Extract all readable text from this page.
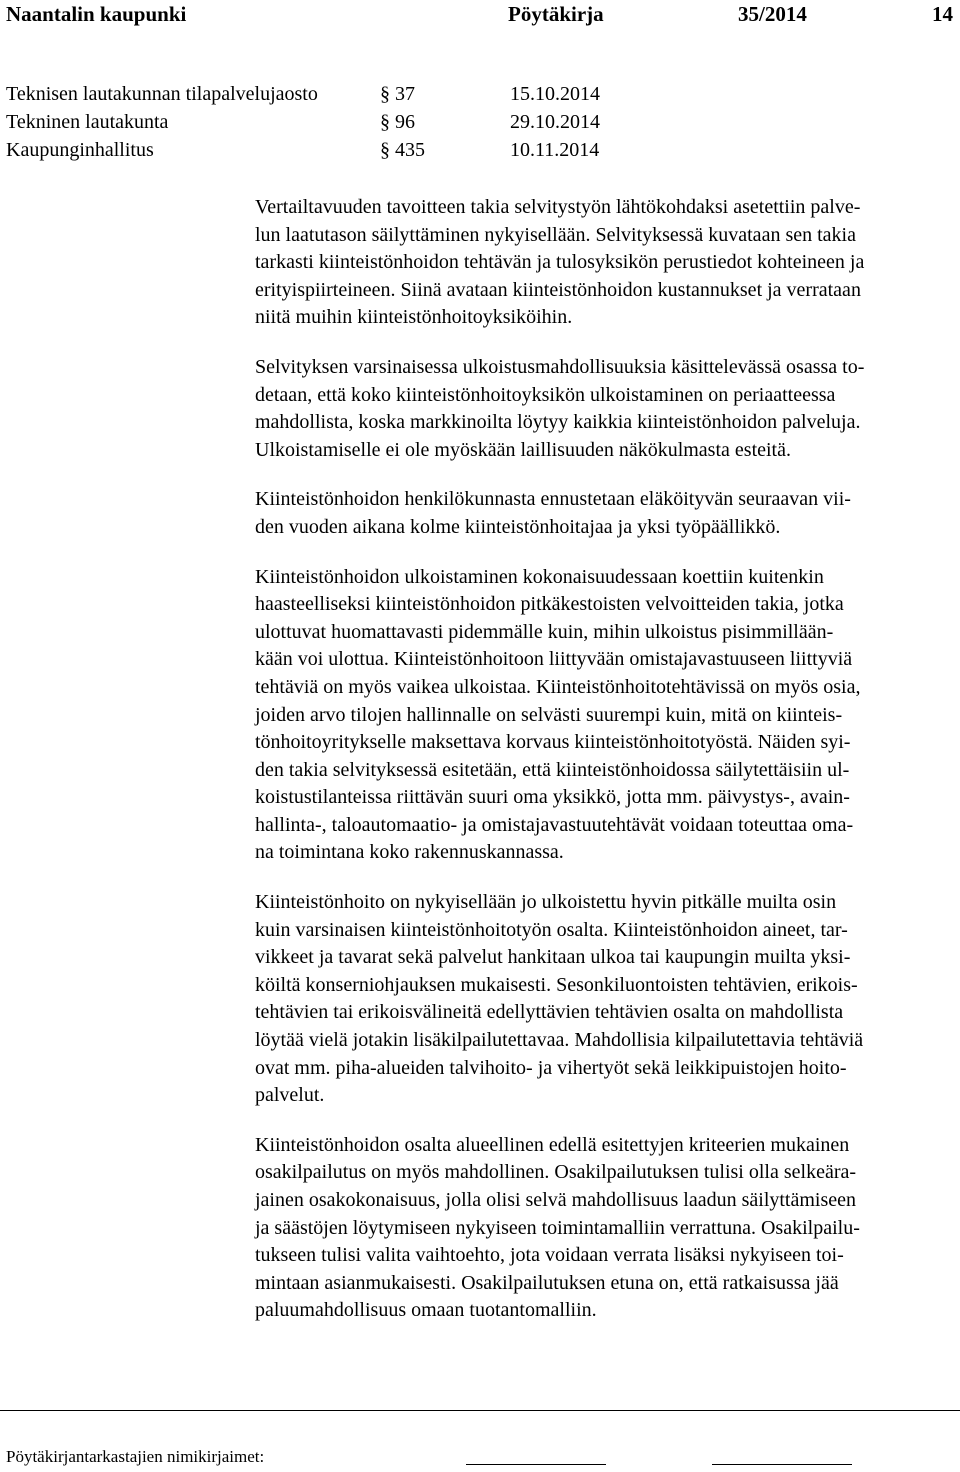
Naantalin kaupunki	Pöytäkirja	35/2014	14
Teknisen lautakunnan tilapalvelujaosto	§ 37	15.10.2014
Tekninen lautakunta	§ 96	29.10.2014
Kaupunginhallitus	§ 435	10.11.2014

Vertailtavuuden tavoitteen takia selvitystyön lähtökohdaksi asetettiin palve-
lun laatutason säilyttäminen nykyisellään. Selvityksessä kuvataan sen takia
tarkasti kiinteistönhoidon tehtävän ja tulosyksikön perustiedot kohteineen ja
erityispiirteineen. Siinä avataan kiinteistönhoidon kustannukset ja verrataan
niitä muihin kiinteistönhoitoyksiköihin.

Selvityksen varsinaisessa ulkoistusmahdollisuuksia käsittelevässä osassa to-
detaan, että koko kiinteistönhoitoyksikön ulkoistaminen on periaatteessa
mahdollista, koska markkinoilta löytyy kaikkia kiinteistönhoidon palveluja.
Ulkoistamiselle ei ole myöskään laillisuuden näkökulmasta esteitä.

Kiinteistönhoidon henkilökunnasta ennustetaan eläköityvän seuraavan vii-
den vuoden aikana kolme kiinteistönhoitajaa ja yksi työpäällikkö.

Kiinteistönhoidon ulkoistaminen kokonaisuudessaan koettiin kuitenkin
haasteelliseksi kiinteistönhoidon pitkäkestoisten velvoitteiden takia, jotka
ulottuvat huomattavasti pidemmälle kuin, mihin ulkoistus pisimmillään-
kään voi ulottua. Kiinteistönhoitoon liittyvään omistajavastuuseen liittyviä
tehtäviä on myös vaikea ulkoistaa. Kiinteistönhoitotehtävissä on myös osia,
joiden arvo tilojen hallinnalle on selvästi suurempi kuin, mitä on kiinteis-
tönhoitoyritykselle maksettava korvaus kiinteistönhoitotyöstä. Näiden syi-
den takia selvityksessä esitetään, että kiinteistönhoidossa säilytettäisiin ul-
koistustilanteissa riittävän suuri oma yksikkö, jotta mm. päivystys-, avain-
hallinta-, taloautomaatio- ja omistajavastuutehtävät voidaan toteuttaa oma-
na toimintana koko rakennuskannassa.

Kiinteistönhoito on nykyisellään jo ulkoistettu hyvin pitkälle muilta osin
kuin varsinaisen kiinteistönhoitotyön osalta. Kiinteistönhoidon aineet, tar-
vikkeet ja tavarat sekä palvelut hankitaan ulkoa tai kaupungin muilta yksi-
köiltä konserniohjauksen mukaisesti. Sesonkiluontoisten tehtävien, erikois-
tehtävien tai erikoisvälineitä edellyttävien tehtävien osalta on mahdollista
löytää vielä jotakin lisäkilpailutettavaa. Mahdollisia kilpailutettavia tehtäviä
ovat mm. piha-alueiden talvihoito- ja vihertyöt sekä leikkipuistojen hoito-
palvelut.

Kiinteistönhoidon osalta alueellinen edellä esitettyjen kriteerien mukainen
osakilpailutus on myös mahdollinen. Osakilpailutuksen tulisi olla selkeära-
jainen osakokonaisuus, jolla olisi selvä mahdollisuus laadun säilyttämiseen
ja säästöjen löytymiseen nykyiseen toimintamalliin verrattuna. Osakilpailu-
tukseen tulisi valita vaihtoehto, jota voidaan verrata lisäksi nykyiseen toi-
mintaan asianmukaisesti. Osakilpailutuksen etuna on, että ratkaisussa jää
paluumahdollisuus omaan tuotantomalliin.

Pöytäkirjantarkastajien nimikirjaimet:
